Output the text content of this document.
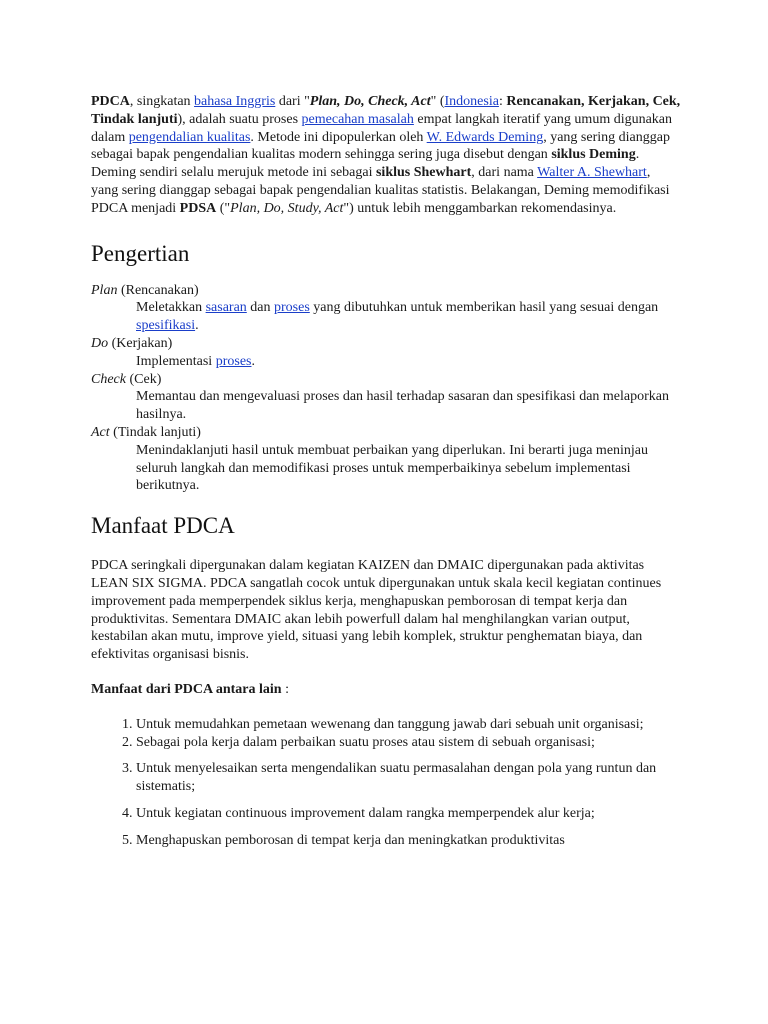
PDCA, singkatan bahasa Inggris dari "Plan, Do, Check, Act" (Indonesia: Rencanakan, Kerjakan, Cek, Tindak lanjuti), adalah suatu proses pemecahan masalah empat langkah iteratif yang umum digunakan dalam pengendalian kualitas. Metode ini dipopulerkan oleh W. Edwards Deming, yang sering dianggap sebagai bapak pengendalian kualitas modern sehingga sering juga disebut dengan siklus Deming. Deming sendiri selalu merujuk metode ini sebagai siklus Shewhart, dari nama Walter A. Shewhart, yang sering dianggap sebagai bapak pengendalian kualitas statistis. Belakangan, Deming memodifikasi PDCA menjadi PDSA ("Plan, Do, Study, Act") untuk lebih menggambarkan rekomendasinya.

Pengertian
Plan (Rencanakan)
Meletakkan sasaran dan proses yang dibutuhkan untuk memberikan hasil yang sesuai dengan spesifikasi.
Do (Kerjakan)
Implementasi proses.
Check (Cek)
Memantau dan mengevaluasi proses dan hasil terhadap sasaran dan spesifikasi dan melaporkan hasilnya.
Act (Tindak lanjuti)
Menindaklanjuti hasil untuk membuat perbaikan yang diperlukan. Ini berarti juga meninjau seluruh langkah dan memodifikasi proses untuk memperbaikinya sebelum implementasi berikutnya.
Manfaat PDCA

PDCA seringkali dipergunakan dalam kegiatan KAIZEN dan DMAIC dipergunakan pada aktivitas LEAN SIX SIGMA. PDCA sangatlah cocok untuk dipergunakan untuk skala kecil kegiatan continues improvement pada memperpendek siklus kerja, menghapuskan pemborosan di tempat kerja dan produktivitas. Sementara DMAIC akan lebih powerfull dalam hal menghilangkan varian output, kestabilan akan mutu, improve yield, situasi yang lebih komplek, struktur penghematan biaya, dan efektivitas organisasi bisnis.

Manfaat dari PDCA antara lain :

1. Untuk memudahkan pemetaan wewenang dan tanggung jawab dari sebuah unit organisasi;
2. Sebagai pola kerja dalam perbaikan suatu proses atau sistem di sebuah organisasi;
3. Untuk menyelesaikan serta mengendalikan suatu permasalahan dengan pola yang runtun dan sistematis;
4. Untuk kegiatan continuous improvement dalam rangka memperpendek alur kerja;
5. Menghapuskan pemborosan di tempat kerja dan meningkatkan produktivitas
